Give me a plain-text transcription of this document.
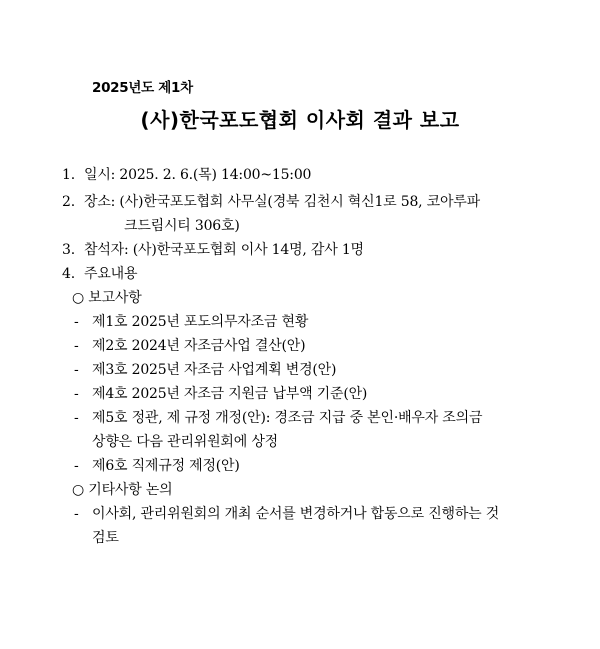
2025년도 제1차
(사)한국포도협회 이사회 결과 보고
1. 일시: 2025. 2. 6.(목) 14:00~15:00
2. 장소: (사)한국포도협회 사무실(경북 김천시 혁신1로 58, 코아루파
크드림시티 306호)
3. 참석자: (사)한국포도협회 이사 14명, 감사 1명
4. 주요내용
○ 보고사항
- 제1호 2025년 포도의무자조금 현황
- 제2호 2024년 자조금사업 결산(안)
- 제3호 2025년 자조금 사업계획 변경(안)
- 제4호 2025년 자조금 지원금 납부액 기준(안)
- 제5호 정관, 제 규정 개정(안): 경조금 지급 중 본인·배우자 조의금
상향은 다음 관리위원회에 상정
- 제6호 직제규정 제정(안)
○ 기타사항 논의
- 이사회, 관리위원회의 개최 순서를 변경하거나 합동으로 진행하는 것
검토
